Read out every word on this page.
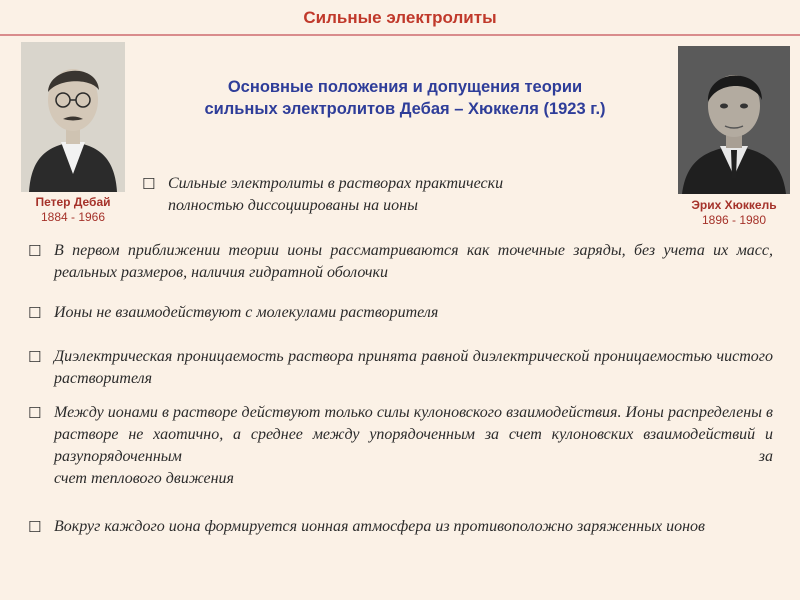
Сильные электролиты
Петер Дебай
1884 - 1966
Эрих Хюккель
1896 - 1980
Основные положения и допущения теории
сильных электролитов Дебая – Хюккеля (1923 г.)
☐ Сильные электролиты в растворах практически
полностью диссоциированы на ионы
☐ В первом приближении теории ионы рассматриваются как точечные заряды, без учета их масс, реальных размеров, наличия гидратной оболочки
☐ Ионы не взаимодействуют с молекулами растворителя
☐ Диэлектрическая проницаемость раствора принята равной диэлектрической проницаемостью чистого растворителя
☐ Между ионами в растворе действуют только силы кулоновского взаимодействия. Ионы распределены в растворе не хаотично, а среднее между упорядоченным за счет кулоновских взаимодействий и разупорядоченным за
счет теплового движения
☐ Вокруг каждого иона формируется ионная атмосфера из противоположно заряженных ионов
